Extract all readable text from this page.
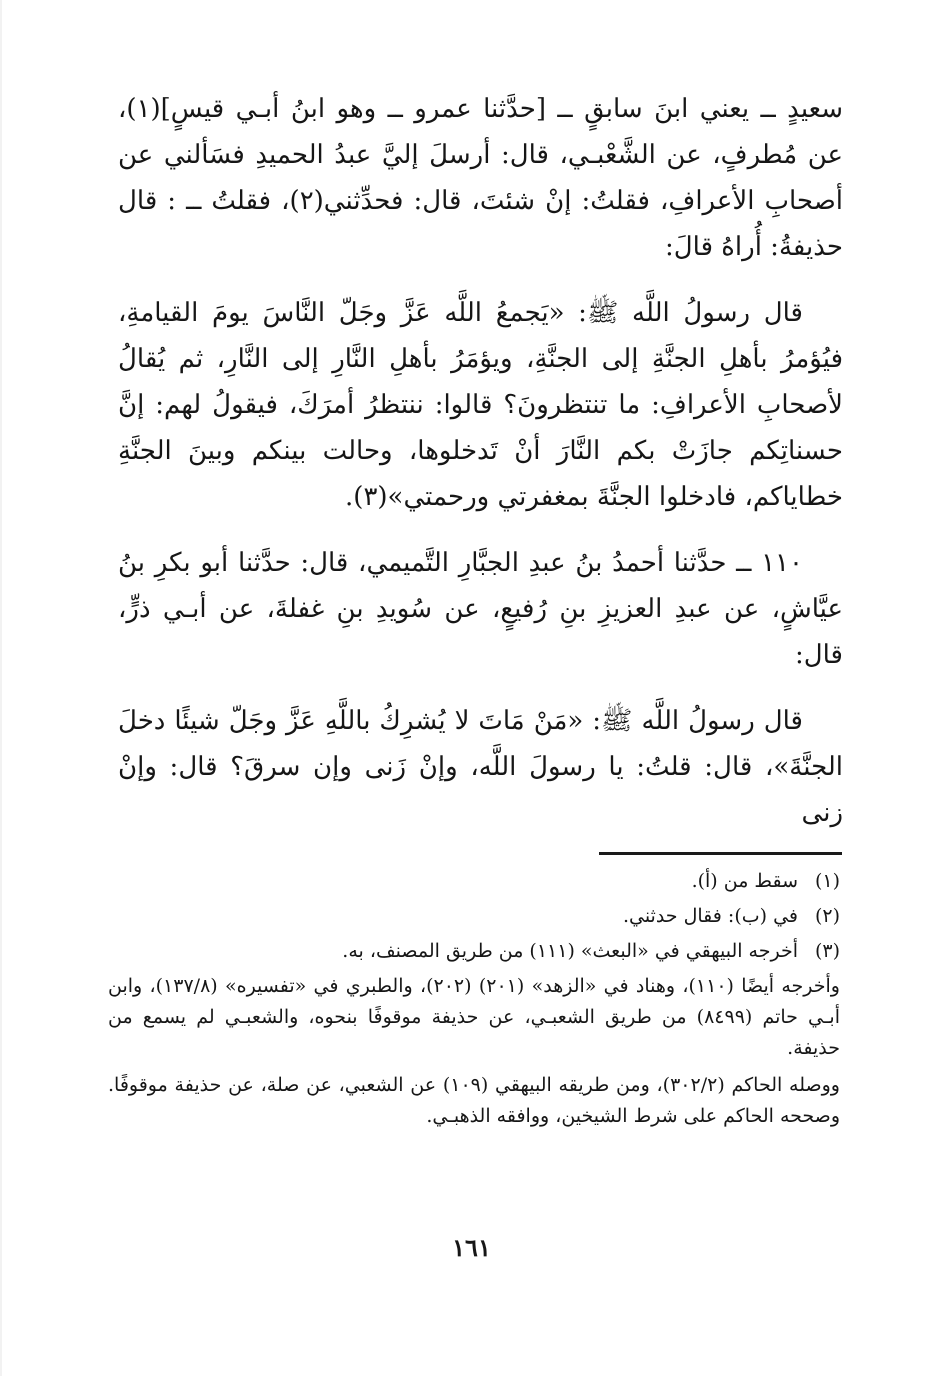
سعيدٍ ــ يعني ابنَ سابقٍ ــ [حدَّثنا عمرو ــ وهو ابنُ أبـي قيسٍ](١)، عن مُطرفٍ، عن الشَّعْبـي، قال: أرسلَ إليَّ عبدُ الحميدِ فسَألني عن أصحابِ الأعرافِ، فقلتُ: إنْ شئتَ، قال: فحدِّثني(٢)، فقلتُ ــ : قال حذيفةُ: أُراهُ قالَ:

قال رسولُ اللَّه ﷺ: «يَجمعُ اللَّه عَزَّ وجَلّ النَّاسَ يومَ القيامةِ، فيُؤمرُ بأهلِ الجنَّةِ إلى الجنَّةِ، ويؤمَرُ بأهلِ النَّارِ إلى النَّارِ، ثم يُقالُ لأصحابِ الأعرافِ: ما تنتظرونَ؟ قالوا: ننتظرُ أمرَكَ، فيقولُ لهم: إنَّ حسناتِكم جازَتْ بكم النَّارَ أنْ تَدخلوها، وحالت بينكم وبينَ الجنَّةِ خطاياكم، فادخلوا الجنَّةَ بمغفرتي ورحمتي»(٣).

١١٠ ــ حدَّثنا أحمدُ بنُ عبدِ الجبَّارِ التَّميمي، قال: حدَّثنا أبو بكرِ بنُ عيَّاشٍ، عن عبدِ العزيزِ بنِ رُفيعٍ، عن سُويدِ بنِ غفلةَ، عن أبـي ذرٍّ، قال:

قال رسولُ اللَّه ﷺ: «مَنْ مَاتَ لا يُشرِكُ باللَّهِ عَزَّ وجَلّ شيئًا دخلَ الجنَّةَ»، قال: قلتُ: يا رسولَ اللَّه، وإنْ زَنى وإن سرقَ؟ قال: وإنْ زنى

(١)
سقط من (أ).
(٢)
في (ب): فقال حدثني.
(٣)
أخرجه البيهقي في «البعث» (١١١) من طريق المصنف، به.
وأخرجه أيضًا (١١٠)، وهناد في «الزهد» (٢٠١) (٢٠٢)، والطبري في «تفسيره» (١٣٧/٨)، وابن أبـي حاتم (٨٤٩٩) من طريق الشعبـي، عن حذيفة موقوفًا بنحوه، والشعبـي لم يسمع من حذيفة.
ووصله الحاكم (٣٠٢/٢)، ومن طريقه البيهقي (١٠٩) عن الشعبي، عن صلة، عن حذيفة موقوفًا. وصححه الحاكم على شرط الشيخين، ووافقه الذهبـي.
١٦١
